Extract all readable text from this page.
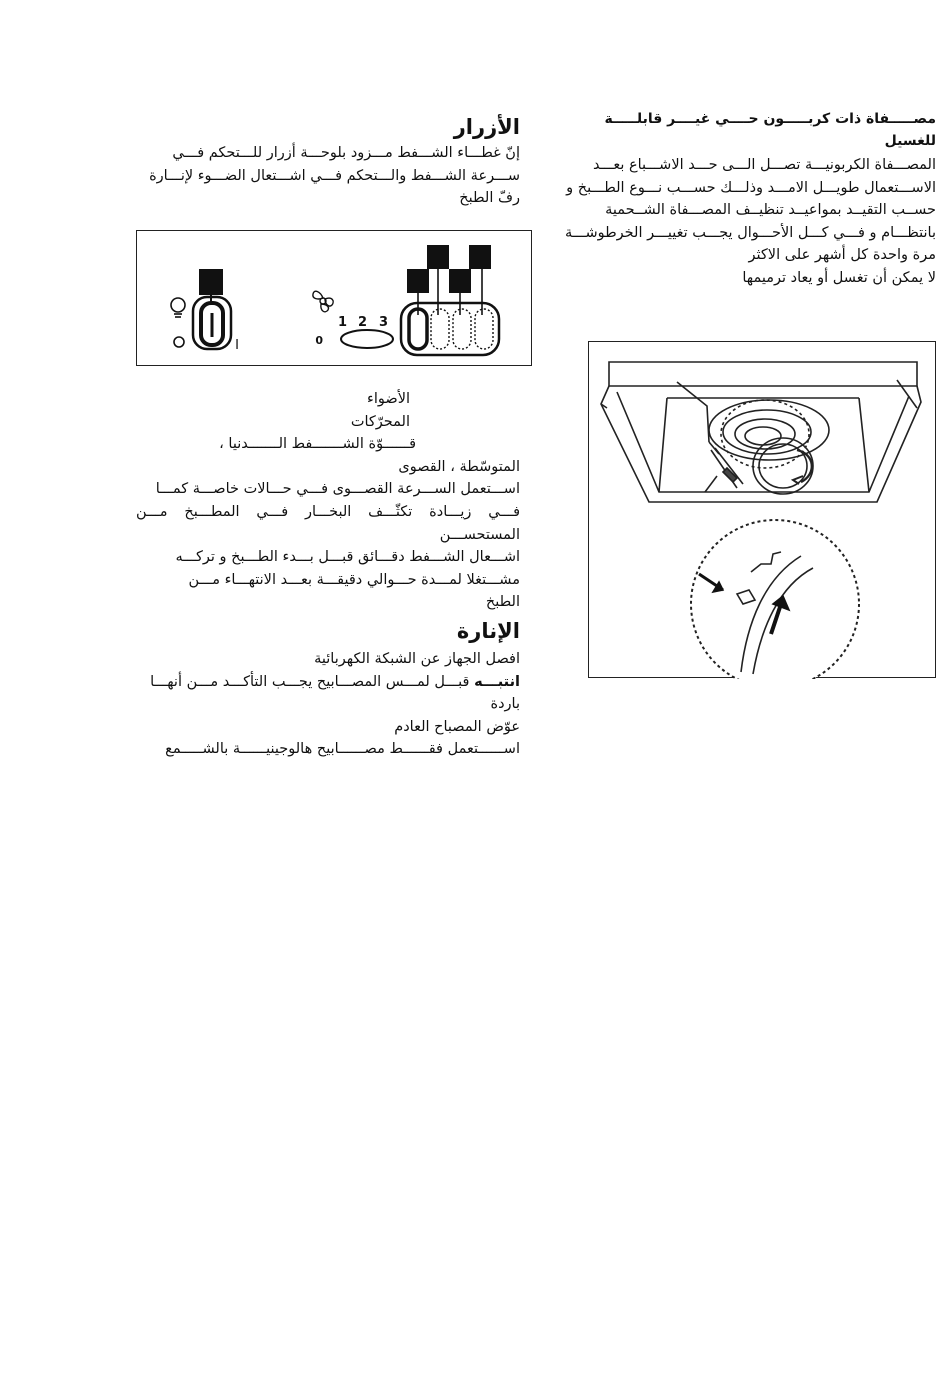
مصـــــفاة ذات كربـــــون حــــي غيــــر قابلـــــة

للغسيل

المصـــفاة الكربونيـــة تصـــل الـــى حـــد الاشـــباع بعـــد

الاســـتعمال طويـــل الامـــد وذلـــك حســـب نـــوع الطـــبخ و

حســب التقيــد بمواعيــد تنظيــف المصـــفاة الشــحمية

بانتظـــام و فـــي كـــل الأحـــوال يجـــب تغييـــر الخرطوشـــة

مرة واحدة كل أشهر على الاكثر

لا يمكن أن تغسل أو يعاد ترميمها

الأزرار

إنّ غطـــاء الشـــفط مـــزود بلوحـــة أزرار للـــتحكم فـــي

ســـرعة الشـــفط والـــتحكم فـــي اشـــتعال الضـــوء لإنـــارة

رفّ الطبخ

I
1 2 3
0

الأضواء

المحرّكات

قــــــوّة الشـــــــفط الـــــــدنيا ،

المتوسّطة ، القصوى

اســـتعمل الســـرعة القصـــوى فـــي حـــالات خاصـــة كمـــا

فـــي زيـــادة تكثّـــف البخـــار فـــي المطـــبخ مـــن المستحســـن

اشـــعال الشـــفط دقـــائق قبـــل بـــدء الطـــبخ و تركـــه

مشـــتغلا لمـــدة حـــوالي دقيقـــة بعـــد الانتهـــاء مـــن

الطبخ

الإنارة

افصل الجهاز عن الشبكة الكهربائية

انتبـــه قبـــل لمـــس المصـــابيح يجـــب التأكـــد مـــن أنهـــا

باردة

عوّض المصباح العادم

اســــــتعمل فقــــــط مصــــــابيح هالوجينيــــــة بالشـــــمع
